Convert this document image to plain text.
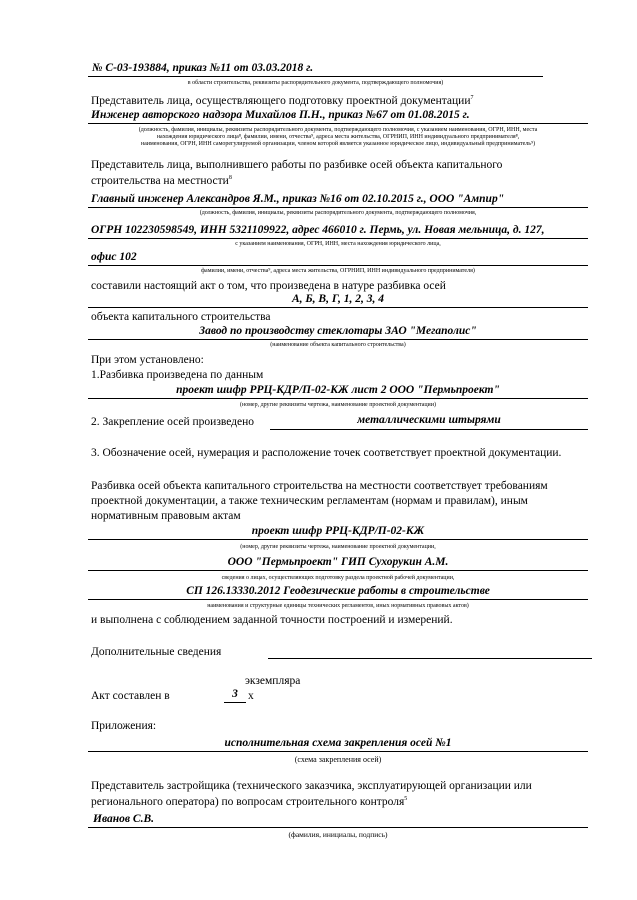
№ С-03-193884, приказ №11 от 03.03.2018 г.
в области строительства, реквизиты распорядительного документа, подтверждающего полномочия)
Представитель лица, осуществляющего подготовку проектной документации$^7$
Инженер авторского надзора Михайлов П.Н., приказ №67 от 01.08.2015 г.
(должность, фамилия, инициалы, реквизиты распорядительного документа, подтверждающего полномочия, с указанием наименования, ОГРН, ИНН, места
нахождения юридического лица⁸, фамилии, имени, отчества⁹, адреса места жительства, ОГРНИП, ИНН индивидуального предпринимателя⁸,
наименования, ОГРН, ИНН саморегулируемой организации, членом которой является указанное юридическое лицо, индивидуальный предприниматель⁹)
Представитель лица, выполнившего работы по разбивке осей объекта капитального
строительства на местности$^8$
Главный инженер Александров Я.М., приказ №16 от 02.10.2015 г., ООО "Ампир"
(должность, фамилия, инициалы, реквизиты распорядительного документа, подтверждающего полномочия,
ОГРН 102230598549, ИНН 5321109922, адрес 466010 г. Пермь, ул. Новая мельница, д. 127,
с указанием наименования, ОГРН, ИНН, места нахождения юридического лица,
офис 102
фамилии, имени, отчества⁹, адреса места жительства, ОГРНИП, ИНН индивидуального предпринимателя)
составили настоящий акт о том, что произведена в натуре разбивка осей
А, Б, В, Г, 1, 2, 3, 4
объекта капитального строительства
Завод по производству стеклотары ЗАО "Мегаполис"
(наименование объекта капитального строительства)
При этом установлено:
1.Разбивка произведена по данным
проект шифр РРЦ-КДР/П-02-КЖ лист 2 ООО "Пермьпроект"
(номер, другие реквизиты чертежа, наименование проектной документации)
2. Закрепление осей произведено	металлическими штырями
3. Обозначение осей, нумерация и расположение точек соответствует проектной документации.
Разбивка осей объекта капитального строительства на местности соответствует требованиям
проектной документации, а также техническим регламентам (нормам и правилам), иным
нормативным правовым актам
проект шифр РРЦ-КДР/П-02-КЖ
(номер, другие реквизиты чертежа, наименование проектной документации,
ООО "Пермьпроект" ГИП Сухорукин А.М.
сведения о лицах, осуществляющих подготовку раздела проектной рабочей документации,
СП 126.13330.2012 Геодезические работы в строительстве
наименования и структурные единицы технических регламентов, иных нормативных правовых актов)
и выполнена с соблюдением заданной точности построений и измерений.
Дополнительные сведения
экземпляра
Акт составлен в	3 х
Приложения:
исполнительная схема закрепления осей №1
(схема закрепления осей)
Представитель застройщика (технического заказчика, эксплуатирующей организации или
регионального оператора) по вопросам строительного контроля$^5$
Иванов С.В.
(фамилия, инициалы, подпись)
